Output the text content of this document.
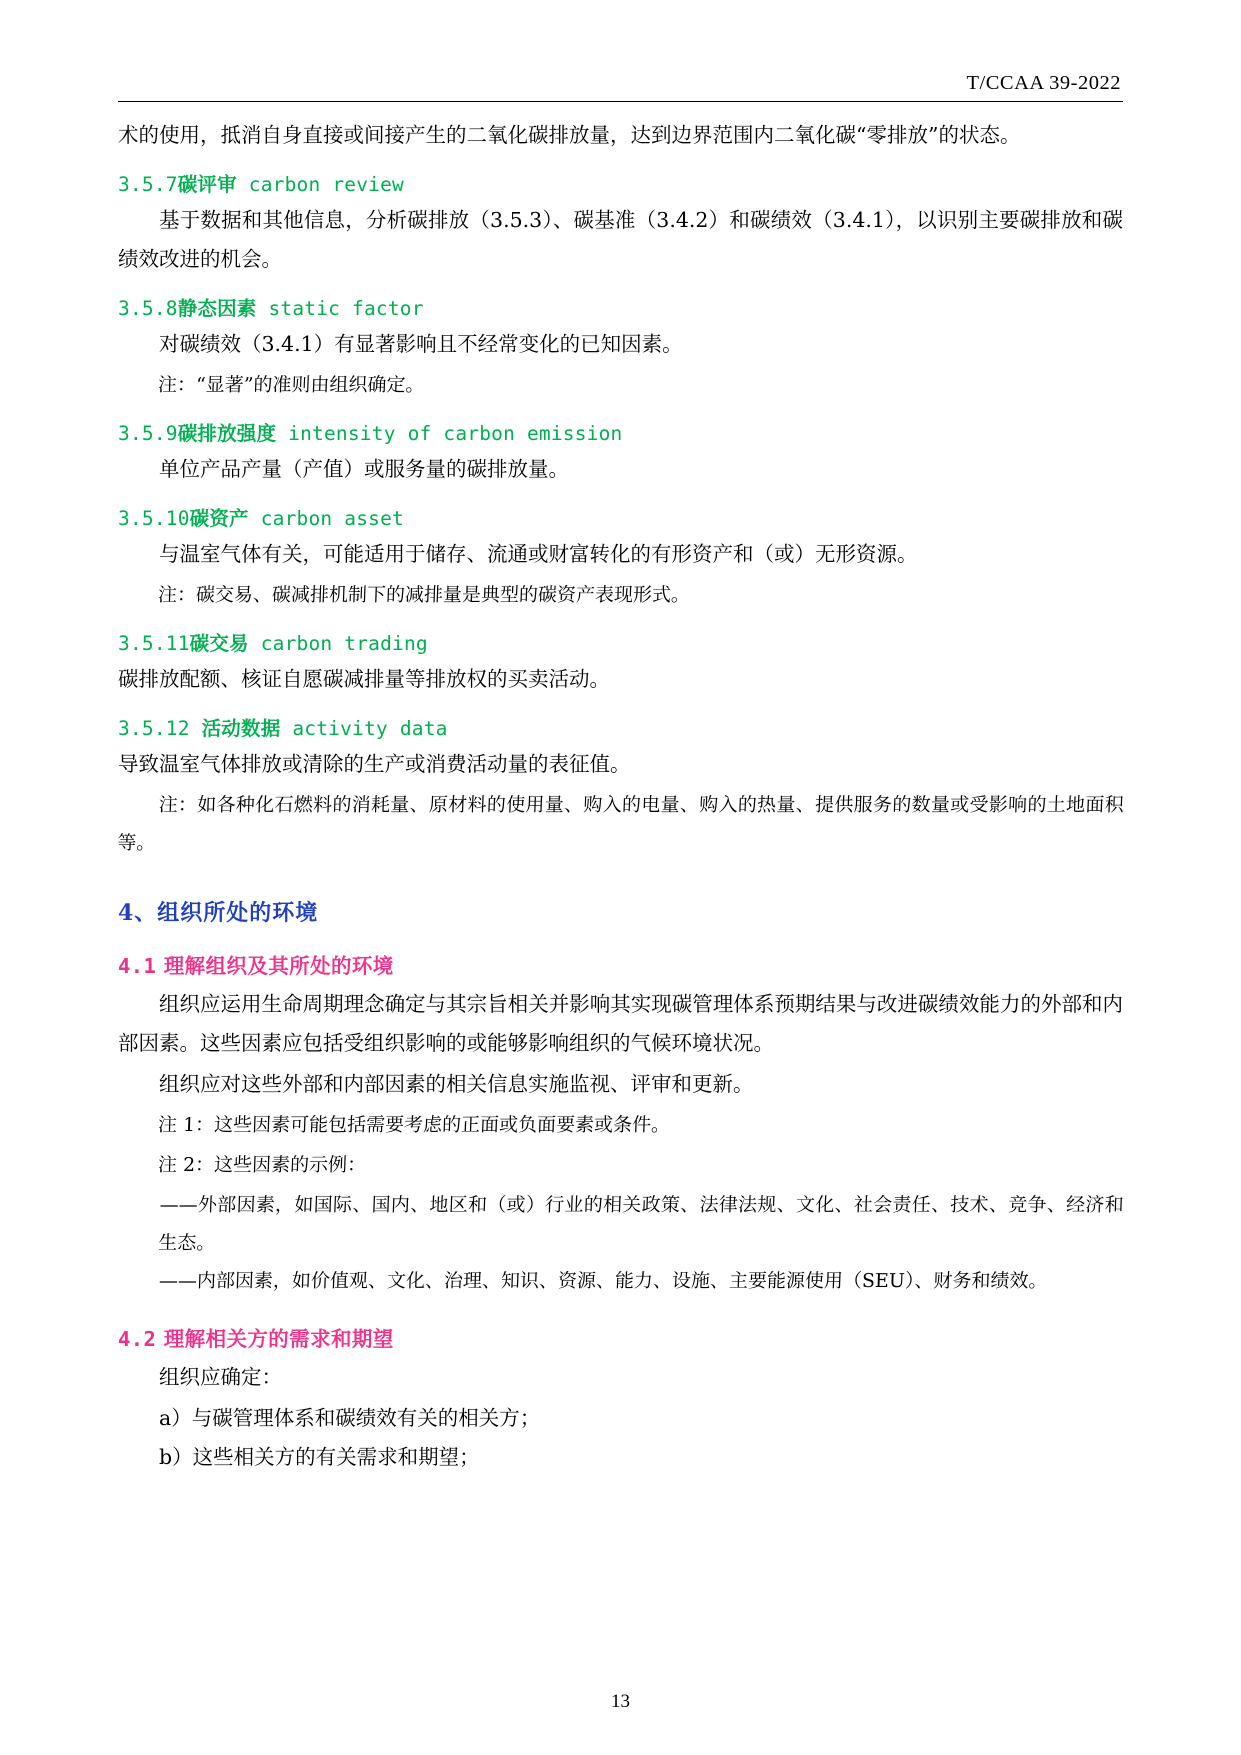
T/CCAA 39-2022

术的使用，抵消自身直接或间接产生的二氧化碳排放量，达到边界范围内二氧化碳“零排放”的状态。

3.5.7碳评审 carbon review

基于数据和其他信息，分析碳排放（3.5.3）、碳基准（3.4.2）和碳绩效（3.4.1），以识别主要碳排放和碳绩效改进的机会。

3.5.8静态因素 static factor

对碳绩效（3.4.1）有显著影响且不经常变化的已知因素。

注：“显著”的准则由组织确定。

3.5.9碳排放强度 intensity of carbon emission

单位产品产量（产值）或服务量的碳排放量。

3.5.10碳资产 carbon asset

与温室气体有关，可能适用于储存、流通或财富转化的有形资产和（或）无形资源。

注：碳交易、碳减排机制下的减排量是典型的碳资产表现形式。

3.5.11碳交易 carbon trading

碳排放配额、核证自愿碳减排量等排放权的买卖活动。

3.5.12 活动数据 activity data

导致温室气体排放或清除的生产或消费活动量的表征值。

注：如各种化石燃料的消耗量、原材料的使用量、购入的电量、购入的热量、提供服务的数量或受影响的土地面积等。

4、组织所处的环境
4.1 理解组织及其所处的环境

组织应运用生命周期理念确定与其宗旨相关并影响其实现碳管理体系预期结果与改进碳绩效能力的外部和内部因素。这些因素应包括受组织影响的或能够影响组织的气候环境状况。

组织应对这些外部和内部因素的相关信息实施监视、评审和更新。

注 1：这些因素可能包括需要考虑的正面或负面要素或条件。

注 2：这些因素的示例：

——外部因素，如国际、国内、地区和（或）行业的相关政策、法律法规、文化、社会责任、技术、竞争、经济和生态。

——内部因素，如价值观、文化、治理、知识、资源、能力、设施、主要能源使用（SEU）、财务和绩效。

4.2 理解相关方的需求和期望

组织应确定：

a）与碳管理体系和碳绩效有关的相关方；

b）这些相关方的有关需求和期望；

13
